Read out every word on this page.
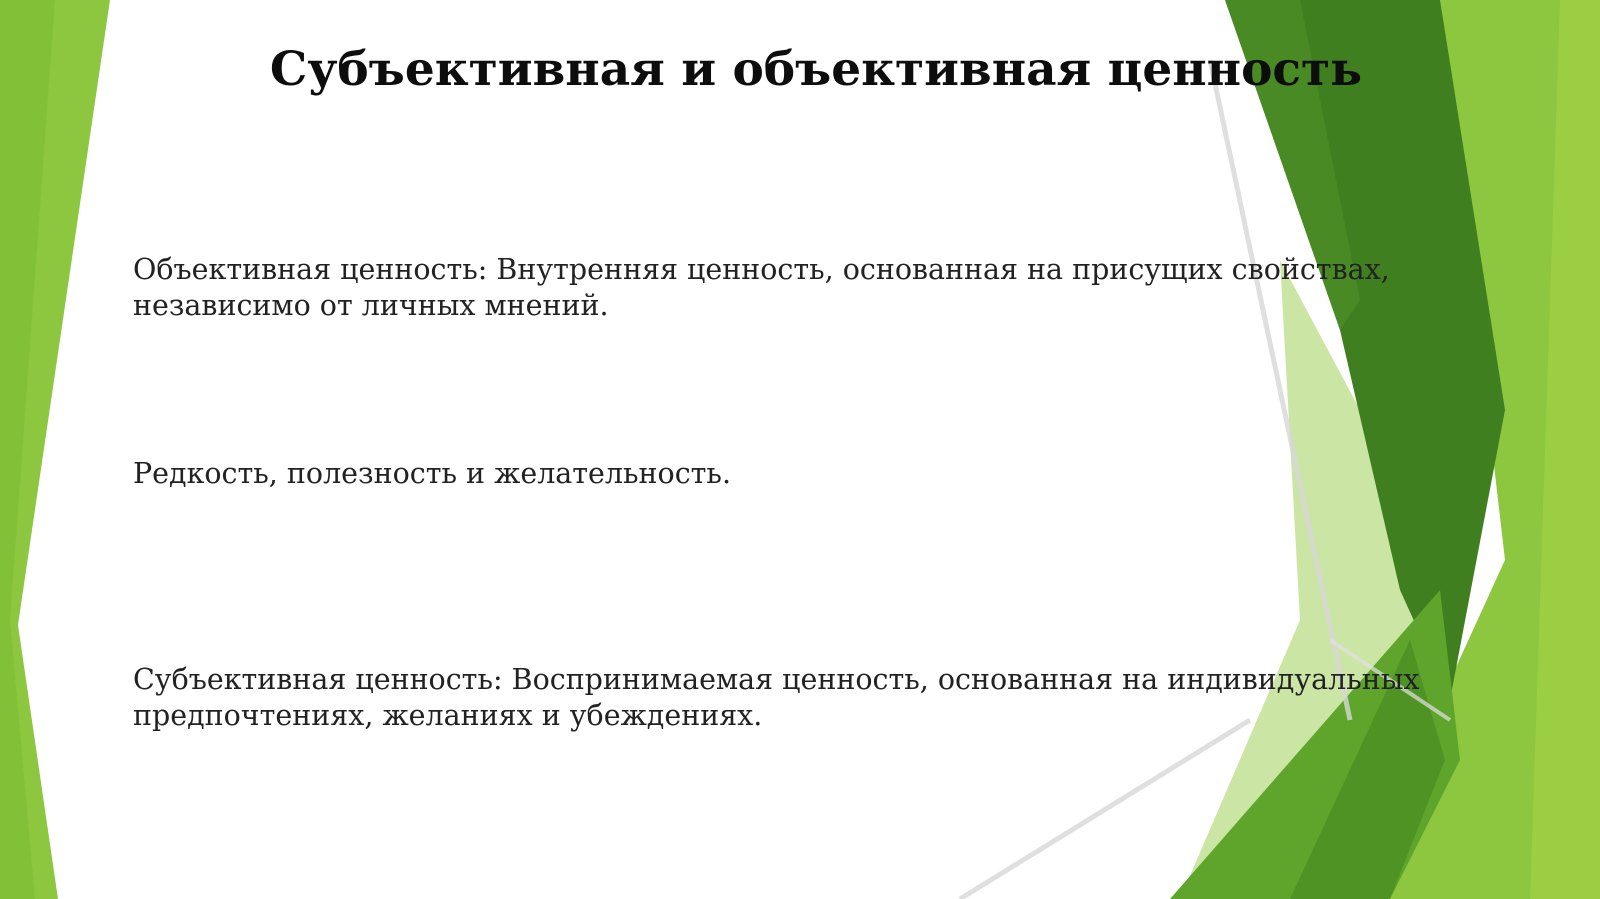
Субъективная и объективная ценность

Объективная ценность: Внутренняя ценность, основанная на присущих свойствах, независимо от личных мнений.

Редкость, полезность и желательность.

Субъективная ценность: Воспринимаемая ценность, основанная на индивидуальных предпочтениях, желаниях и убеждениях.
